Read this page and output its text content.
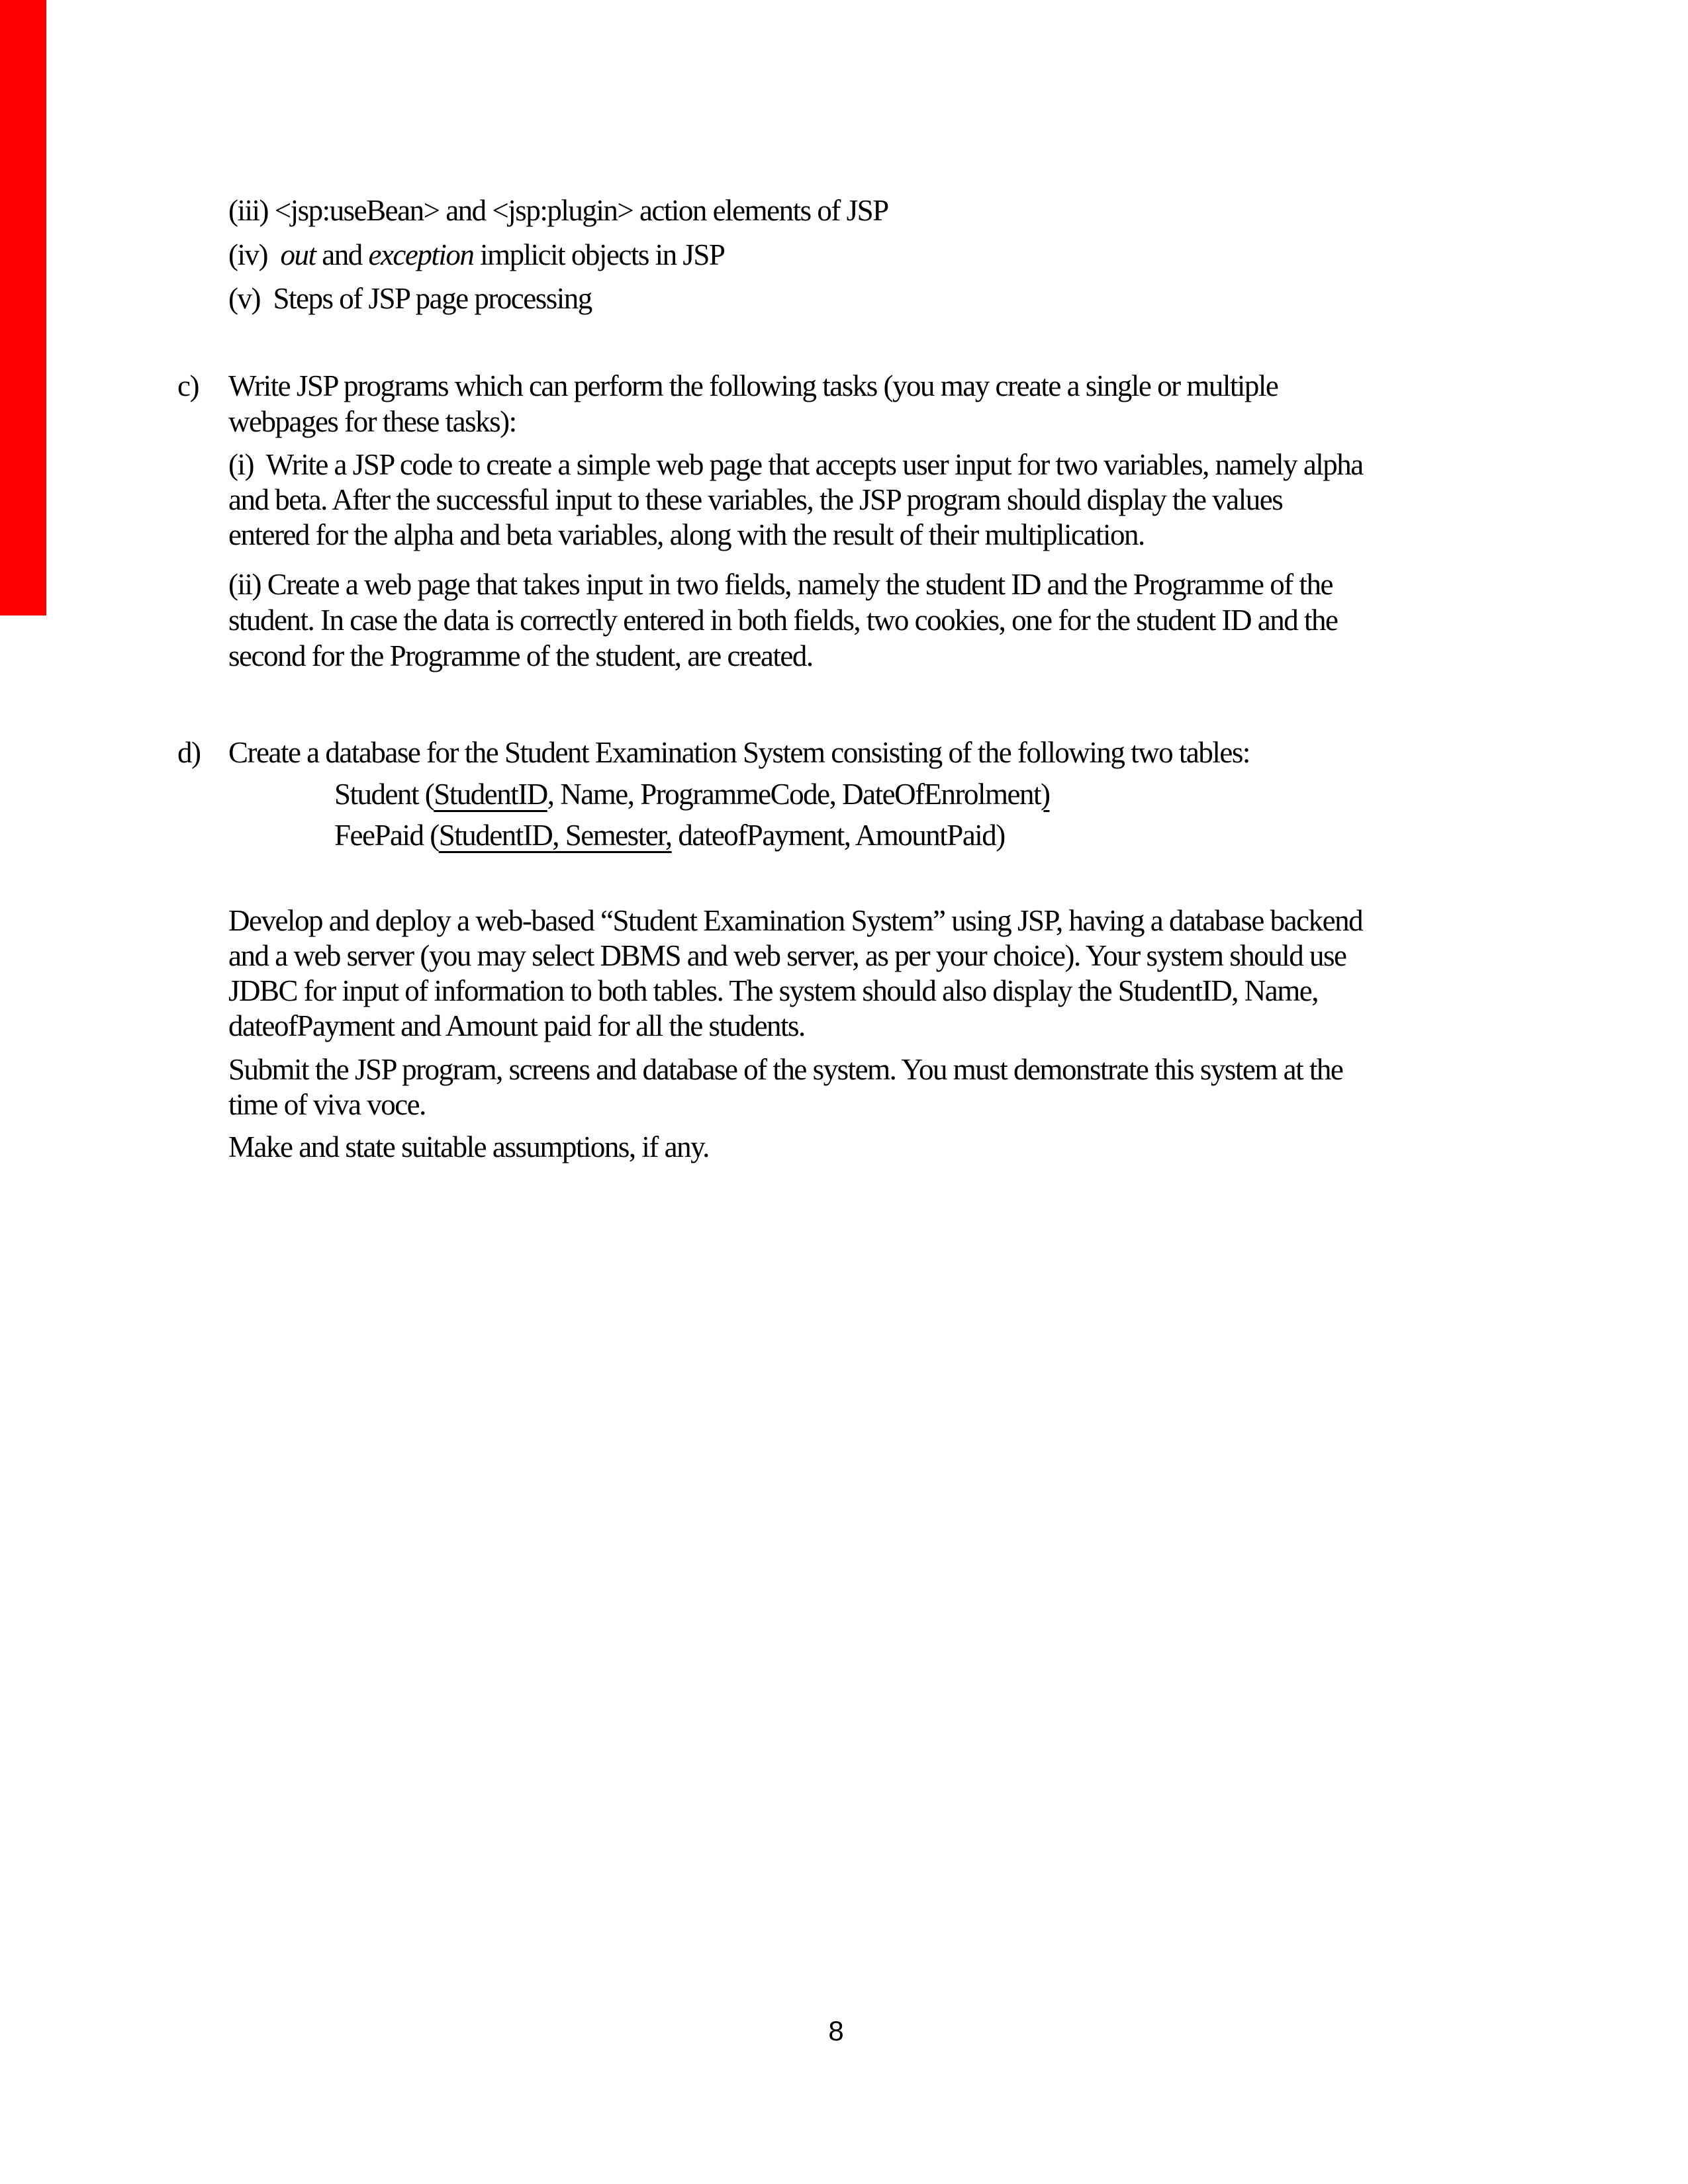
(iii) <jsp:useBean> and <jsp:plugin> action elements of JSP
(iv)  out and exception implicit objects in JSP
(v)  Steps of JSP page processing
c) Write JSP programs which can perform the following tasks (you may create a single or multiple
webpages for these tasks):
(i)  Write a JSP code to create a simple web page that accepts user input for two variables, namely alpha
and beta. After the successful input to these variables, the JSP program should display the values
entered for the alpha and beta variables, along with the result of their multiplication.
(ii) Create a web page that takes input in two fields, namely the student ID and the Programme of the
student. In case the data is correctly entered in both fields, two cookies, one for the student ID and the
second for the Programme of the student, are created.
d) Create a database for the Student Examination System consisting of the following two tables:
Student (StudentID, Name, ProgrammeCode, DateOfEnrolment)
FeePaid (StudentID, Semester, dateofPayment, AmountPaid)
Develop and deploy a web-based “Student Examination System” using JSP, having a database backend
and a web server (you may select DBMS and web server, as per your choice). Your system should use
JDBC for input of information to both tables. The system should also display the StudentID, Name,
dateofPayment and Amount paid for all the students.
Submit the JSP program, screens and database of the system. You must demonstrate this system at the
time of viva voce.
Make and state suitable assumptions, if any.
8
